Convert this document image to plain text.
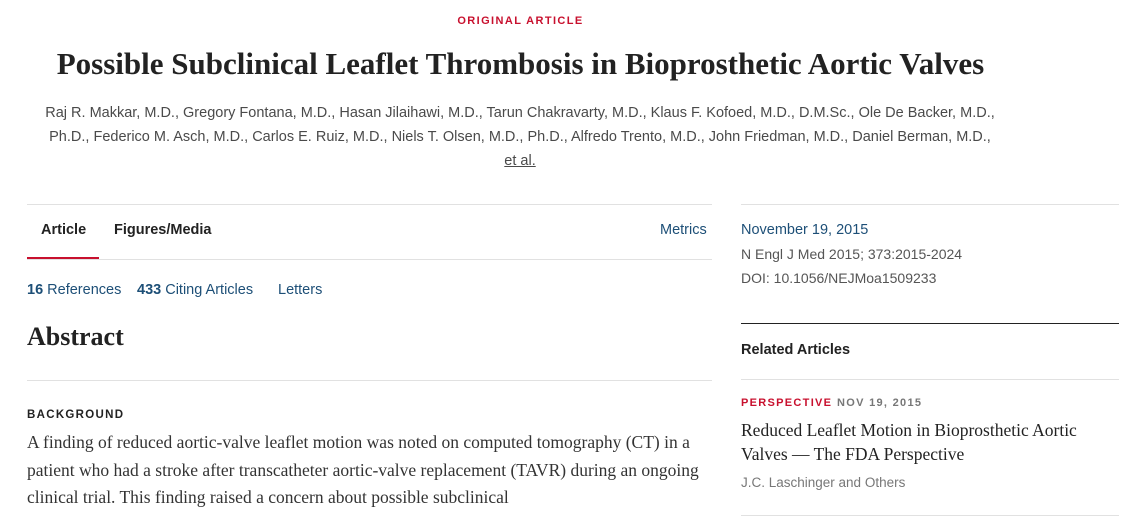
ORIGINAL ARTICLE
Possible Subclinical Leaflet Thrombosis in Bioprosthetic Aortic Valves
Raj R. Makkar, M.D., Gregory Fontana, M.D., Hasan Jilaihawi, M.D., Tarun Chakravarty, M.D., Klaus F. Kofoed, M.D., D.M.Sc., Ole De Backer, M.D.,
Ph.D., Federico M. Asch, M.D., Carlos E. Ruiz, M.D., Niels T. Olsen, M.D., Ph.D., Alfredo Trento, M.D., John Friedman, M.D., Daniel Berman, M.D.,
et al.
Article Figures/Media	Metrics
16 References 433 Citing Articles Letters
Abstract
BACKGROUND

A finding of reduced aortic-valve leaflet motion was noted on computed tomography (CT) in a patient who had a stroke after transcatheter aortic-valve replacement (TAVR) during an ongoing clinical trial. This finding raised a concern about possible subclinical

November 19, 2015
N Engl J Med 2015; 373:2015-2024
DOI: 10.1056/NEJMoa1509233
Related Articles
PERSPECTIVE NOV 19, 2015
Reduced Leaflet Motion in Bioprosthetic Aortic Valves — The FDA Perspective
J.C. Laschinger and Others
